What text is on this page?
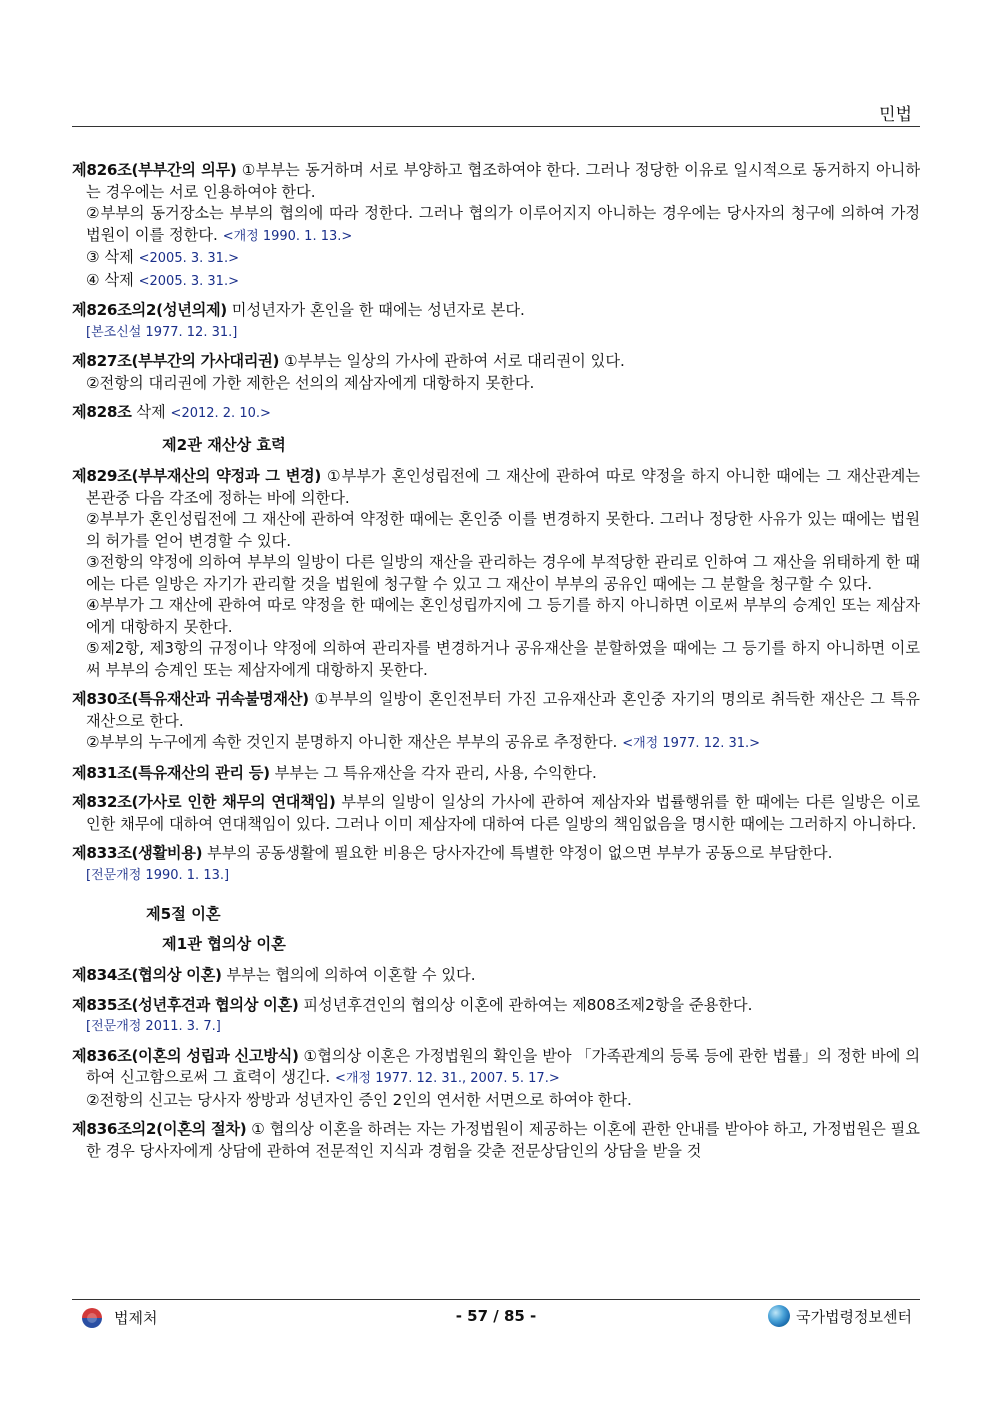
민법

제826조(부부간의 의무) ①부부는 동거하며 서로 부양하고 협조하여야 한다. 그러나 정당한 이유로 일시적으로 동거하지 아니하는 경우에는 서로 인용하여야 한다.

②부부의 동거장소는 부부의 협의에 따라 정한다. 그러나 협의가 이루어지지 아니하는 경우에는 당사자의 청구에 의하여 가정법원이 이를 정한다. <개정 1990. 1. 13.>

③ 삭제 <2005. 3. 31.>

④ 삭제 <2005. 3. 31.>

제826조의2(성년의제) 미성년자가 혼인을 한 때에는 성년자로 본다.

[본조신설 1977. 12. 31.]

제827조(부부간의 가사대리권) ①부부는 일상의 가사에 관하여 서로 대리권이 있다.

②전항의 대리권에 가한 제한은 선의의 제삼자에게 대항하지 못한다.

제828조 삭제 <2012. 2. 10.>

제2관 재산상 효력

제829조(부부재산의 약정과 그 변경) ①부부가 혼인성립전에 그 재산에 관하여 따로 약정을 하지 아니한 때에는 그 재산관계는 본관중 다음 각조에 정하는 바에 의한다.

②부부가 혼인성립전에 그 재산에 관하여 약정한 때에는 혼인중 이를 변경하지 못한다. 그러나 정당한 사유가 있는 때에는 법원의 허가를 얻어 변경할 수 있다.

③전항의 약정에 의하여 부부의 일방이 다른 일방의 재산을 관리하는 경우에 부적당한 관리로 인하여 그 재산을 위태하게 한 때에는 다른 일방은 자기가 관리할 것을 법원에 청구할 수 있고 그 재산이 부부의 공유인 때에는 그 분할을 청구할 수 있다.

④부부가 그 재산에 관하여 따로 약정을 한 때에는 혼인성립까지에 그 등기를 하지 아니하면 이로써 부부의 승계인 또는 제삼자에게 대항하지 못한다.

⑤제2항, 제3항의 규정이나 약정에 의하여 관리자를 변경하거나 공유재산을 분할하였을 때에는 그 등기를 하지 아니하면 이로써 부부의 승계인 또는 제삼자에게 대항하지 못한다.

제830조(특유재산과 귀속불명재산) ①부부의 일방이 혼인전부터 가진 고유재산과 혼인중 자기의 명의로 취득한 재산은 그 특유재산으로 한다.

②부부의 누구에게 속한 것인지 분명하지 아니한 재산은 부부의 공유로 추정한다. <개정 1977. 12. 31.>

제831조(특유재산의 관리 등) 부부는 그 특유재산을 각자 관리, 사용, 수익한다.

제832조(가사로 인한 채무의 연대책임) 부부의 일방이 일상의 가사에 관하여 제삼자와 법률행위를 한 때에는 다른 일방은 이로 인한 채무에 대하여 연대책임이 있다. 그러나 이미 제삼자에 대하여 다른 일방의 책임없음을 명시한 때에는 그러하지 아니하다.

제833조(생활비용) 부부의 공동생활에 필요한 비용은 당사자간에 특별한 약정이 없으면 부부가 공동으로 부담한다.

[전문개정 1990. 1. 13.]

제5절 이혼
제1관 협의상 이혼

제834조(협의상 이혼) 부부는 협의에 의하여 이혼할 수 있다.

제835조(성년후견과 협의상 이혼) 피성년후견인의 협의상 이혼에 관하여는 제808조제2항을 준용한다.

[전문개정 2011. 3. 7.]

제836조(이혼의 성립과 신고방식) ①협의상 이혼은 가정법원의 확인을 받아 「가족관계의 등록 등에 관한 법률」의 정한 바에 의하여 신고함으로써 그 효력이 생긴다. <개정 1977. 12. 31., 2007. 5. 17.>

②전항의 신고는 당사자 쌍방과 성년자인 증인 2인의 연서한 서면으로 하여야 한다.

제836조의2(이혼의 절차) ① 협의상 이혼을 하려는 자는 가정법원이 제공하는 이혼에 관한 안내를 받아야 하고, 가정법원은 필요한 경우 당사자에게 상담에 관하여 전문적인 지식과 경험을 갖춘 전문상담인의 상담을 받을 것

법제처	- 57 / 85 -	국가법령정보센터
